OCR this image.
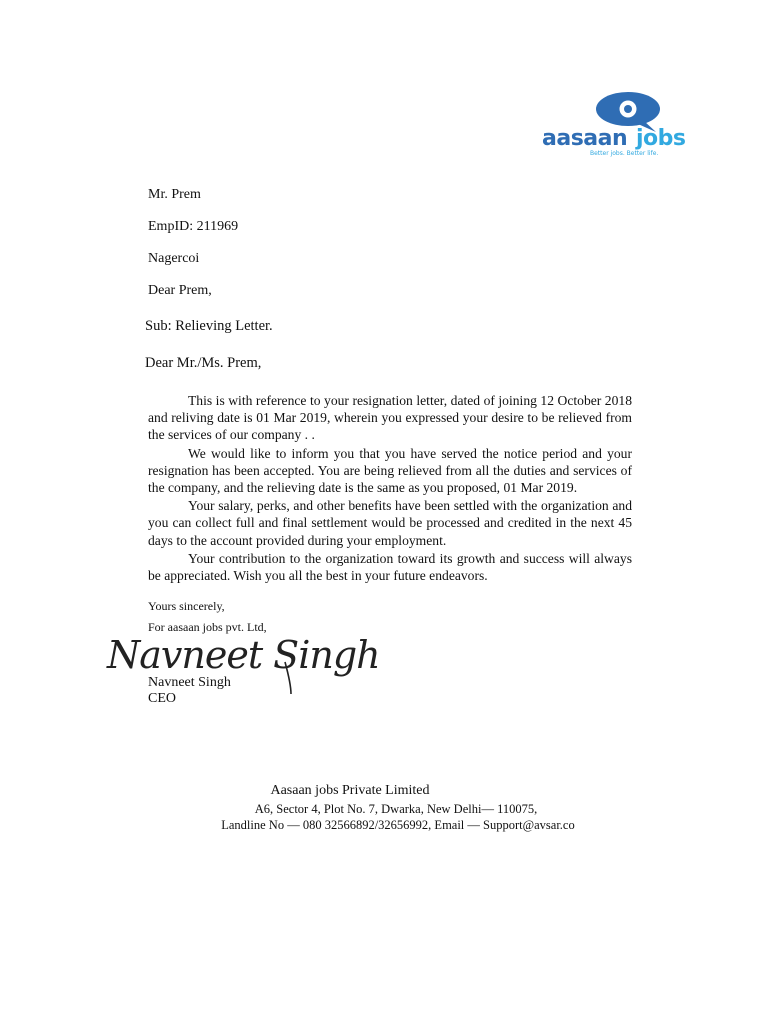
aasaan jobs
Better jobs. Better life.
Mr. Prem
EmpID: 211969
Nagercoi
Dear Prem,
Sub: Relieving Letter.
Dear Mr./Ms. Prem,

This is with reference to your resignation letter, dated of joining 12 October 2018 and reliving date is 01 Mar 2019, wherein you expressed your desire to be relieved from the services of our company . .

We would like to inform you that you have served the notice period and your resignation has been accepted. You are being relieved from all the duties and services of the company, and the relieving date is the same as you proposed, 01 Mar 2019.

Your salary, perks, and other benefits have been settled with the organization and you can collect full and final settlement would be processed and credited in the next 45 days to the account provided during your employment.

Your contribution to the organization toward its growth and success will always be appreciated. Wish you all the best in your future endeavors.

Yours sincerely,
For aasaan jobs pvt. Ltd,
Navneet Singh
Navneet Singh
CEO
Aasaan jobs Private Limited
A6, Sector 4, Plot No. 7, Dwarka, New Delhi— 110075,
Landline No — 080 32566892/32656992, Email — Support@avsar.co
